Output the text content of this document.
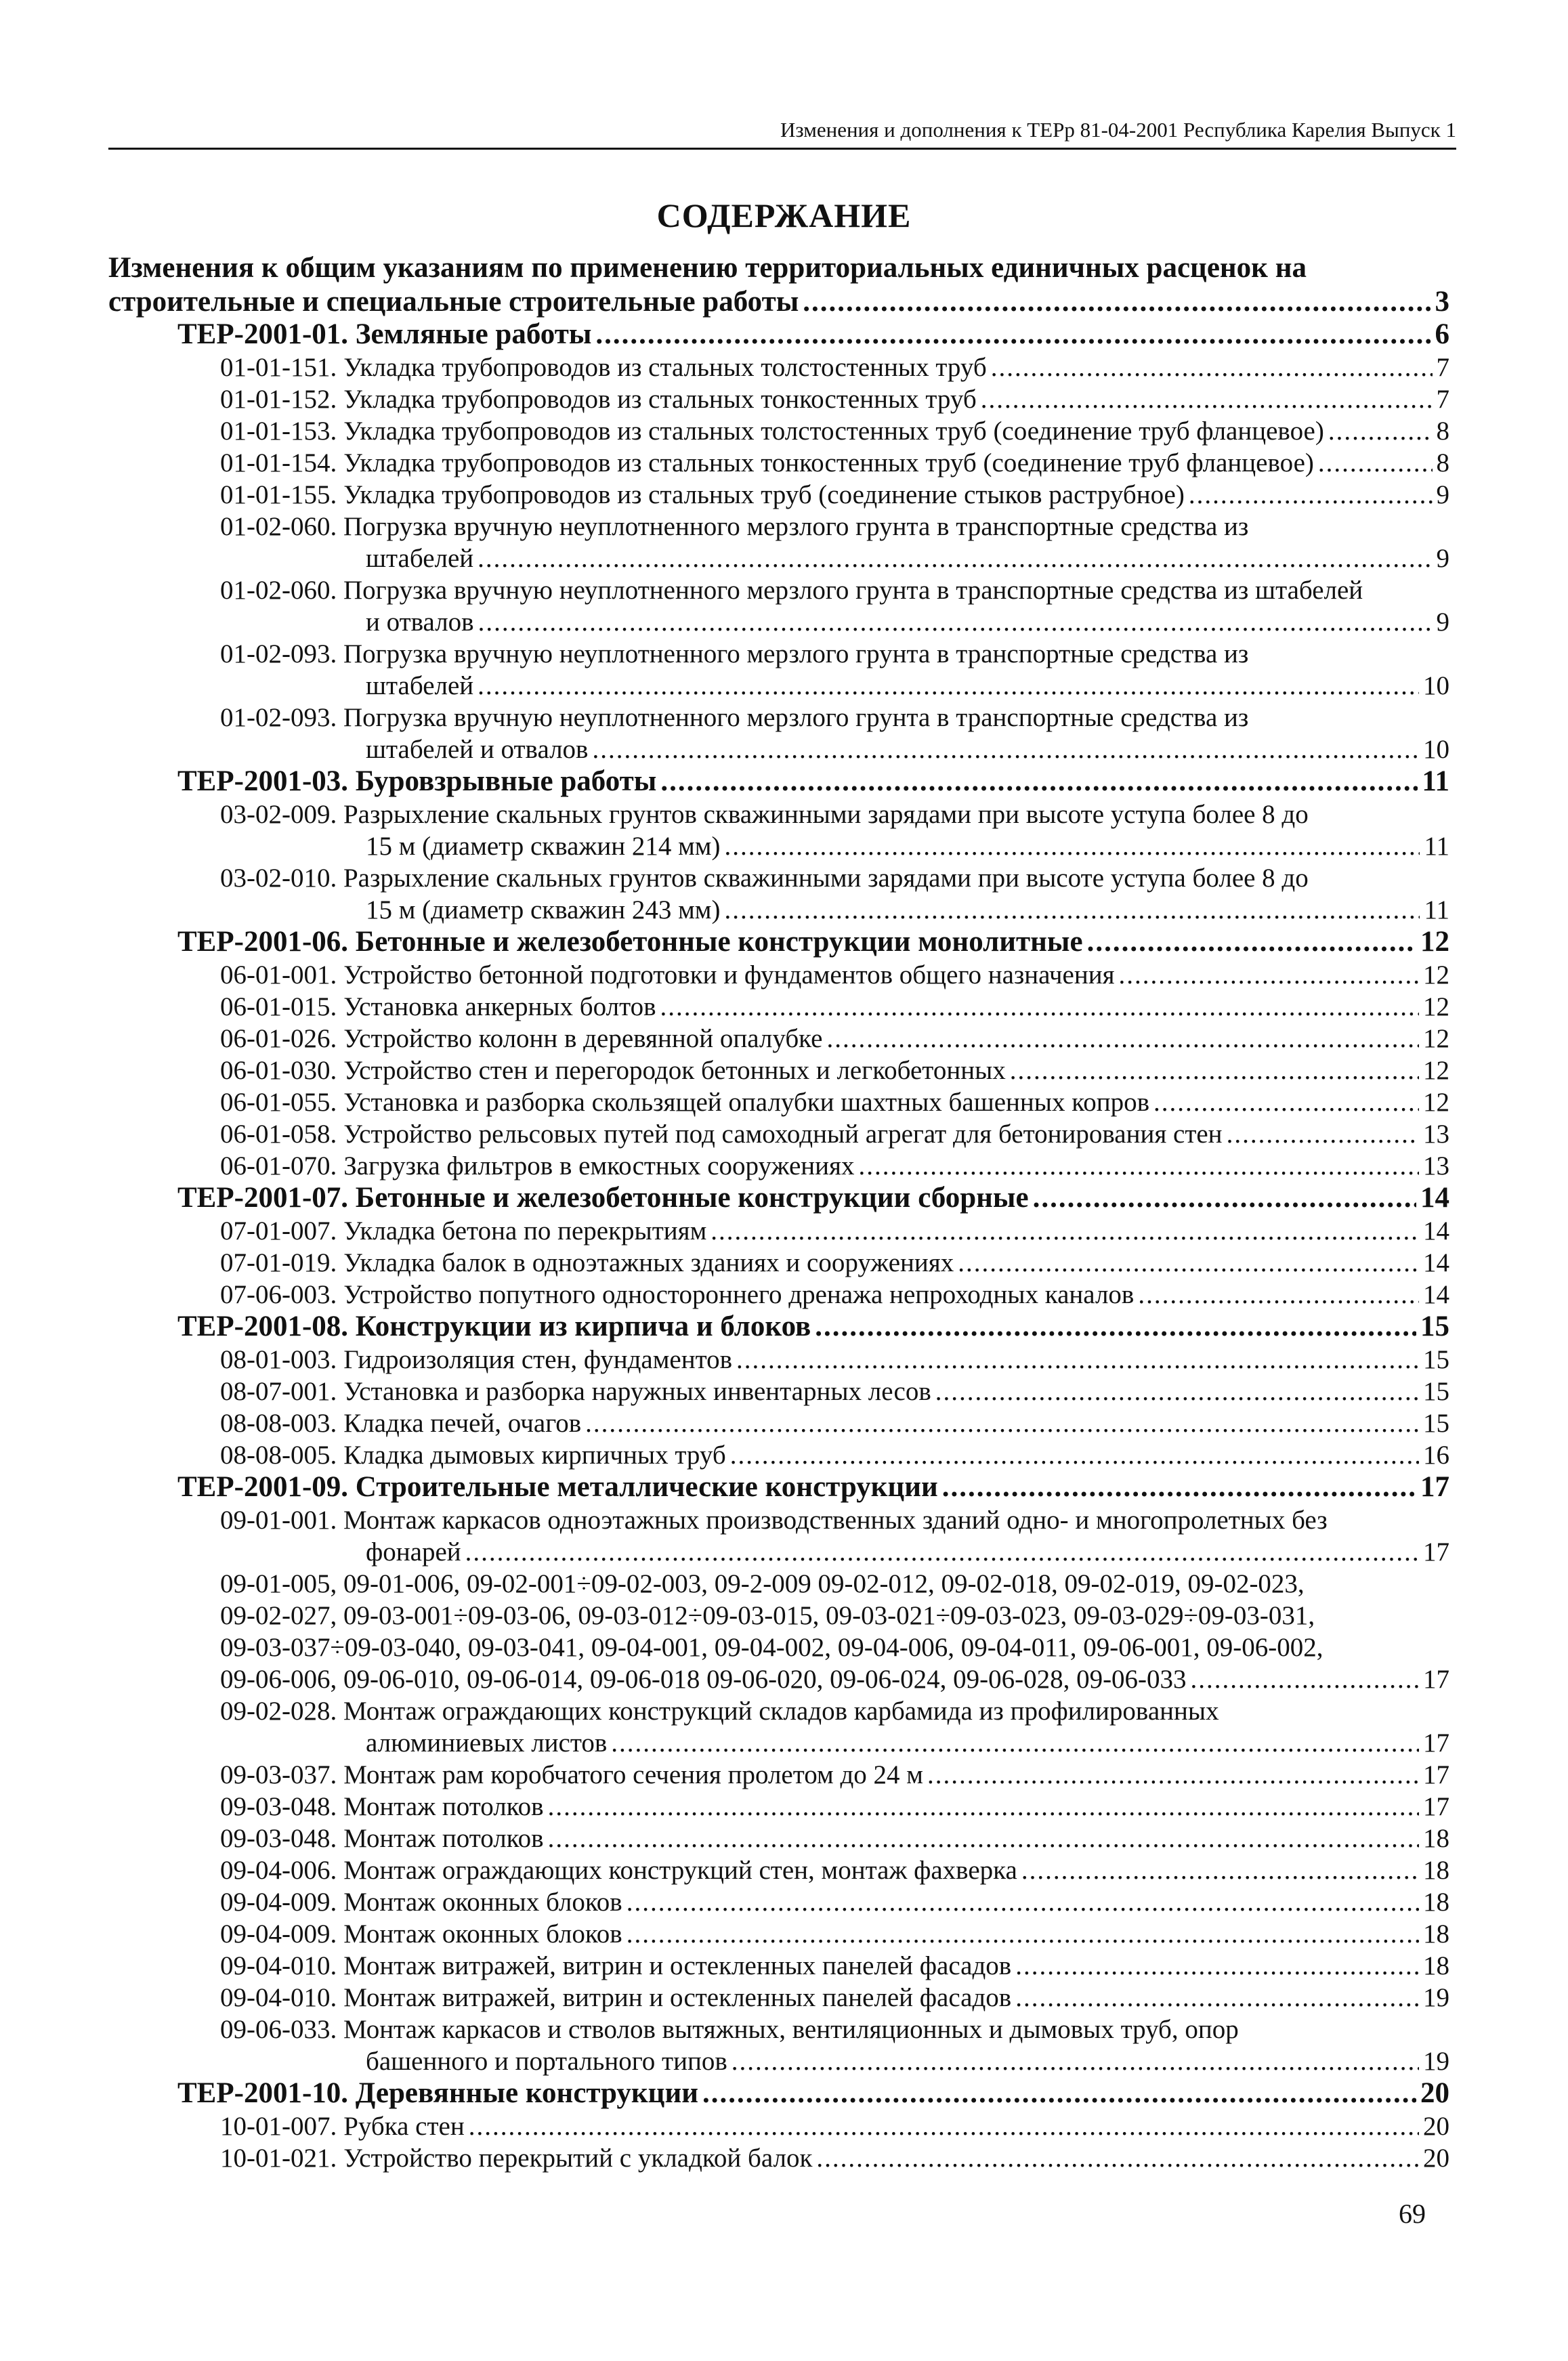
Изменения и дополнения к ТЕРр 81-04-2001 Республика Карелия Выпуск 1
СОДЕРЖАНИЕ
Изменения к общим указаниям по применению территориальных единичных расценок на
строительные и специальные строительные работы .....	3
ТЕР-2001-01. Земляные работы .....	6
01-01-151. Укладка трубопроводов из стальных толстостенных труб .....	7
01-01-152. Укладка трубопроводов из стальных тонкостенных труб .....	7
01-01-153. Укладка трубопроводов из стальных толстостенных труб (соединение труб фланцевое) .....	8
01-01-154. Укладка трубопроводов из стальных тонкостенных труб (соединение труб фланцевое) .....	8
01-01-155. Укладка трубопроводов из стальных труб (соединение стыков раструбное) .....	9
01-02-060. Погрузка вручную неуплотненного мерзлого грунта в транспортные средства из
штабелей .....	9
01-02-060. Погрузка вручную неуплотненного мерзлого грунта в транспортные средства из штабелей
и отвалов .....	9
01-02-093. Погрузка вручную неуплотненного мерзлого грунта в транспортные средства из
штабелей .....	10
01-02-093. Погрузка вручную неуплотненного мерзлого грунта в транспортные средства из
штабелей и отвалов .....	10
ТЕР-2001-03. Буровзрывные работы .....	11
03-02-009. Разрыхление скальных грунтов скважинными зарядами при высоте уступа более 8 до
15 м (диаметр скважин 214 мм) .....	11
03-02-010. Разрыхление скальных грунтов скважинными зарядами при высоте уступа более 8 до
15 м (диаметр скважин 243 мм) .....	11
ТЕР-2001-06. Бетонные и железобетонные конструкции монолитные .....	12
06-01-001. Устройство бетонной подготовки и фундаментов общего назначения .....	12
06-01-015. Установка анкерных болтов .....	12
06-01-026. Устройство колонн в деревянной опалубке .....	12
06-01-030. Устройство стен и перегородок бетонных и легкобетонных .....	12
06-01-055. Установка и разборка скользящей опалубки шахтных башенных копров .....	12
06-01-058. Устройство рельсовых путей под самоходный агрегат для бетонирования стен .....	13
06-01-070. Загрузка фильтров в емкостных сооружениях .....	13
ТЕР-2001-07. Бетонные и железобетонные конструкции сборные .....	14
07-01-007. Укладка бетона по перекрытиям .....	14
07-01-019. Укладка балок в одноэтажных зданиях и сооружениях .....	14
07-06-003. Устройство попутного одностороннего дренажа непроходных каналов .....	14
ТЕР-2001-08. Конструкции из кирпича и блоков .....	15
08-01-003. Гидроизоляция стен, фундаментов .....	15
08-07-001. Установка и разборка наружных инвентарных лесов .....	15
08-08-003. Кладка печей, очагов .....	15
08-08-005. Кладка дымовых кирпичных труб .....	16
ТЕР-2001-09. Строительные металлические конструкции .....	17
09-01-001. Монтаж каркасов одноэтажных производственных зданий одно- и многопролетных без
фонарей .....	17
09-01-005, 09-01-006, 09-02-001÷09-02-003, 09-2-009 09-02-012, 09-02-018, 09-02-019, 09-02-023,
09-02-027, 09-03-001÷09-03-06, 09-03-012÷09-03-015, 09-03-021÷09-03-023, 09-03-029÷09-03-031,
09-03-037÷09-03-040, 09-03-041, 09-04-001, 09-04-002, 09-04-006, 09-04-011, 09-06-001, 09-06-002,
09-06-006, 09-06-010, 09-06-014, 09-06-018 09-06-020, 09-06-024, 09-06-028, 09-06-033 .....	17
09-02-028. Монтаж ограждающих конструкций складов карбамида из профилированных
алюминиевых листов .....	17
09-03-037. Монтаж рам коробчатого сечения пролетом до 24 м .....	17
09-03-048. Монтаж потолков .....	17
09-03-048. Монтаж потолков .....	18
09-04-006. Монтаж ограждающих конструкций стен, монтаж фахверка .....	18
09-04-009. Монтаж оконных блоков .....	18
09-04-009. Монтаж оконных блоков .....	18
09-04-010. Монтаж витражей, витрин и остекленных панелей фасадов .....	18
09-04-010. Монтаж витражей, витрин и остекленных панелей фасадов .....	19
09-06-033. Монтаж каркасов и стволов вытяжных, вентиляционных и дымовых труб, опор
башенного и портального типов .....	19
ТЕР-2001-10. Деревянные конструкции .....	20
10-01-007. Рубка стен .....	20
10-01-021. Устройство перекрытий с укладкой балок .....	20
69
